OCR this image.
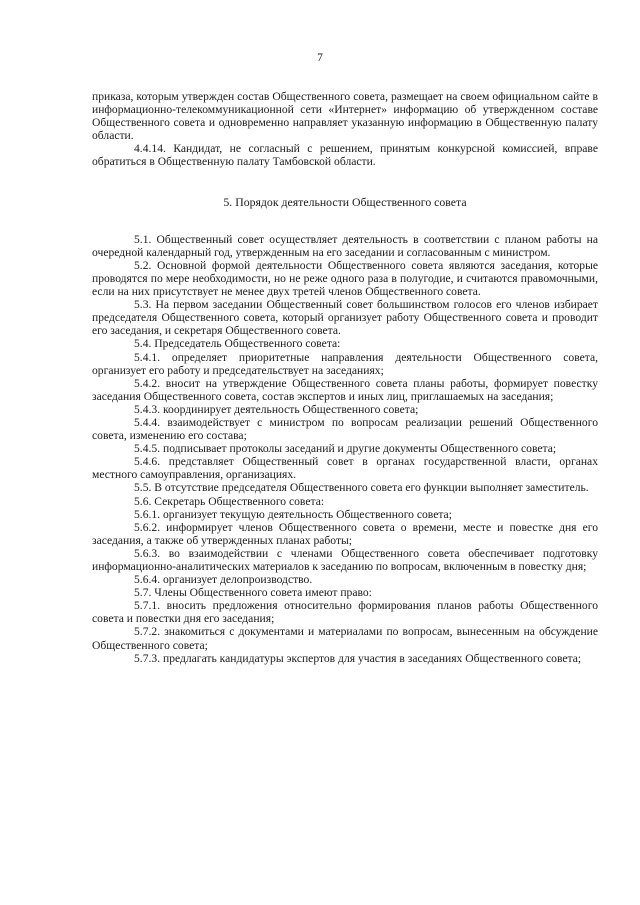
7

приказа, которым утвержден состав Общественного совета, размещает на своем официальном сайте в информационно-телекоммуникационной сети «Интернет» информацию об утвержденном составе Общественного совета и одновременно направляет указанную информацию в Общественную палату области.

4.4.14. Кандидат, не согласный с решением, принятым конкурсной комиссией, вправе обратиться в Общественную палату Тамбовской области.

5. Порядок деятельности Общественного совета

5.1. Общественный совет осуществляет деятельность в соответствии с планом работы на очередной календарный год, утвержденным на его заседании и согласованным с министром.

5.2. Основной формой деятельности Общественного совета являются заседания, которые проводятся по мере необходимости, но не реже одного раза в полугодие, и считаются правомочными, если на них присутствует не менее двух третей членов Общественного совета.

5.3. На первом заседании Общественный совет большинством голосов его членов избирает председателя Общественного совета, который организует работу Общественного совета и проводит его заседания, и секретаря Общественного совета.

5.4. Председатель Общественного совета:

5.4.1. определяет приоритетные направления деятельности Общественного совета, организует его работу и председательствует на заседаниях;

5.4.2. вносит на утверждение Общественного совета планы работы, формирует повестку заседания Общественного совета, состав экспертов и иных лиц, приглашаемых на заседания;

5.4.3. координирует деятельность Общественного совета;

5.4.4. взаимодействует с министром по вопросам реализации решений Общественного совета, изменению его состава;

5.4.5. подписывает протоколы заседаний и другие документы Общественного совета;

5.4.6. представляет Общественный совет в органах государственной власти, органах местного самоуправления, организациях.

5.5. В отсутствие председателя Общественного совета его функции выполняет заместитель.

5.6. Секретарь Общественного совета:

5.6.1. организует текущую деятельность Общественного совета;

5.6.2. информирует членов Общественного совета о времени, месте и повестке дня его заседания, а также об утвержденных планах работы;

5.6.3. во взаимодействии с членами Общественного совета обеспечивает подготовку информационно-аналитических материалов к заседанию по вопросам, включенным в повестку дня;

5.6.4. организует делопроизводство.

5.7. Члены Общественного совета имеют право:

5.7.1. вносить предложения относительно формирования планов работы Общественного совета и повестки дня его заседания;

5.7.2. знакомиться с документами и материалами по вопросам, вынесенным на обсуждение Общественного совета;

5.7.3. предлагать кандидатуры экспертов для участия в заседаниях Общественного совета;
